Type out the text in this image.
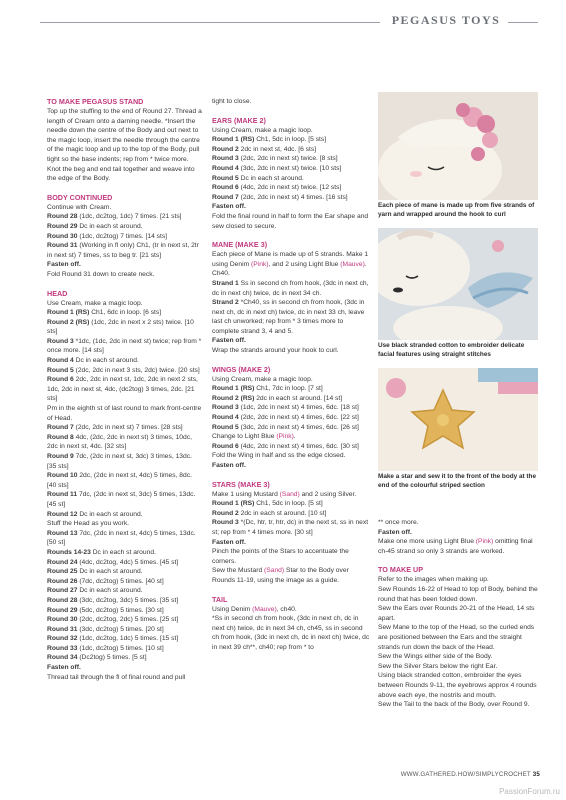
PEGASUS TOYS
TO MAKE PEGASUS STAND
Top up the stuffing to the end of Round 27. Thread a length of Cream onto a darning needle. *Insert the needle down the centre of the Body and out next to the magic loop, insert the needle through the centre of the magic loop and up to the top of the Body, pull tight so the base indents; rep from * twice more. Knot the beg and end tail together and weave into the edge of the Body.
BODY CONTINUED
Continue with Cream.
Round 28 (1dc, dc2tog, 1dc) 7 times. [21 sts]
Round 29 Dc in each st around.
Round 30 (1dc, dc2tog) 7 times. [14 sts]
Round 31 (Working in fl only) Ch1, (tr in next st, 2tr in next st) 7 times, ss to beg tr. [21 sts]
Fasten off.
Fold Round 31 down to create neck.
HEAD
Use Cream, make a magic loop.
Round 1 (RS) Ch1, 6dc in loop. [6 sts]
Round 2 (RS) (1dc, 2dc in next x 2 sts) twice. [10 sts]
Round 3 *1dc, (1dc, 2dc in next st) twice; rep from * once more. [14 sts]
Round 4 Dc in each st around.
Round 5 (2dc, 2dc in next 3 sts, 2dc) twice. [20 sts]
Round 6 2dc, 2dc in next st, 1dc, 2dc in next 2 sts, 1dc, 2dc in next st, 4dc, (dc2tog) 3 times, 2dc. [21 sts]
Pm in the eighth st of last round to mark front-centre of Head.
Round 7 (2dc, 2dc in next st) 7 times. [28 sts]
Round 8 4dc, (2dc, 2dc in next st) 3 times, 10dc, 2dc in next st, 4dc. [32 sts]
Round 9 7dc, (2dc in next st, 3dc) 3 times, 13dc. [35 sts]
Round 10 2dc, (2dc in next st, 4dc) 5 times, 8dc. [40 sts]
Round 11 7dc, (2dc in next st, 3dc) 5 times, 13dc. [45 st]
Round 12 Dc in each st around.
Stuff the Head as you work.
Round 13 7dc, (2dc in next st, 4dc) 5 times, 13dc. [50 st]
Rounds 14-23 Dc in each st around.
Round 24 (4dc, dc2tog, 4dc) 5 times. [45 st]
Round 25 Dc in each st around.
Round 26 (7dc, dc2tog) 5 times. [40 st]
Round 27 Dc in each st around.
Round 28 (3dc, dc2tog, 3dc) 5 times. [35 st]
Round 29 (5dc, dc2tog) 5 times. [30 st]
Round 30 (2dc, dc2tog, 2dc) 5 times. [25 st]
Round 31 (3dc, dc2tog) 5 times. [20 st]
Round 32 (1dc, dc2tog, 1dc) 5 times. [15 st]
Round 33 (1dc, dc2tog) 5 times. [10 st]
Round 34 (Dc2tog) 5 times. [5 st]
Fasten off.
Thread tail through the fl of final round and pull
tight to close.
EARS (MAKE 2)
Using Cream, make a magic loop.
Round 1 (RS) Ch1, 5dc in loop. [5 sts]
Round 2 2dc in next st, 4dc. [6 sts]
Round 3 (2dc, 2dc in next st) twice. [8 sts]
Round 4 (3dc, 2dc in next st) twice. [10 sts]
Round 5 Dc in each st around.
Round 6 (4dc, 2dc in next st) twice. [12 sts]
Round 7 (2dc, 2dc in next st) 4 times. [16 sts]
Fasten off.
Fold the final round in half to form the Ear shape and sew closed to secure.
MANE (MAKE 3)
Each piece of Mane is made up of 5 strands. Make 1 using Denim (Pink), and 2 using Light Blue (Mauve).
Ch40.
Strand 1 Ss in second ch from hook, (3dc in next ch, dc in next ch) twice, dc in next 34 ch.
Strand 2 *Ch40, ss in second ch from hook, (3dc in next ch, dc in next ch) twice, dc in next 33 ch, leave last ch unworked; rep from * 3 times more to complete strand 3, 4 and 5.
Fasten off.
Wrap the strands around your hook to curl.
WINGS (MAKE 2)
Using Cream, make a magic loop.
Round 1 (RS) Ch1, 7dc in loop. [7 st]
Round 2 (RS) 2dc in each st around. [14 st]
Round 3 (1dc, 2dc in next st) 4 times, 6dc. [18 st]
Round 4 (2dc, 2dc in next st) 4 times, 6dc. [22 st]
Round 5 (3dc, 2dc in next st) 4 times, 6dc. [26 st]
Change to Light Blue (Pink).
Round 6 (4dc, 2dc in next st) 4 times, 6dc. [30 st]
Fold the Wing in half and ss the edge closed.
Fasten off.
STARS (MAKE 3)
Make 1 using Mustard (Sand) and 2 using Silver.
Round 1 (RS) Ch1, 5dc in loop. [5 st]
Round 2 2dc in each st around. [10 st]
Round 3 *(Dc, htr, tr, htr, dc) in the next st, ss in next st; rep from * 4 times more. [30 st]
Fasten off.
Pinch the points of the Stars to accentuate the corners.
Sew the Mustard (Sand) Star to the Body over Rounds 11-19, using the image as a guide.
TAIL
Using Denim (Mauve), ch40.
*Ss in second ch from hook, (3dc in next ch, dc in next ch) twice, dc in next 34 ch, ch45, ss in second ch from hook, (3dc in next ch, dc in next ch) twice, dc in next 39 ch**, ch40; rep from * to
Each piece of mane is made up from five strands of yarn and wrapped around the hook to curl
Use black stranded cotton to embroider delicate facial features using straight stitches
Make a star and sew it to the front of the body at the end of the colourful striped section
** once more.
Fasten off.
Make one more using Light Blue (Pink) omitting final ch-45 strand so only 3 strands are worked.
TO MAKE UP
Refer to the images when making up.
Sew Rounds 16-22 of Head to top of Body, behind the round that has been folded down.
Sew the Ears over Rounds 20-21 of the Head, 14 sts apart.
Sew Mane to the top of the Head, so the curled ends are positioned between the Ears and the straight strands run down the back of the Head.
Sew the Wings either side of the Body.
Sew the Silver Stars below the right Ear.
Using black stranded cotton, embroider the eyes between Rounds 9-11, the eyebrows approx 4 rounds above each eye, the nostrils and mouth.
Sew the Tail to the back of the Body, over Round 9.
WWW.GATHERED.HOW/SIMPLYCROCHET 35
PassionForum.ru
